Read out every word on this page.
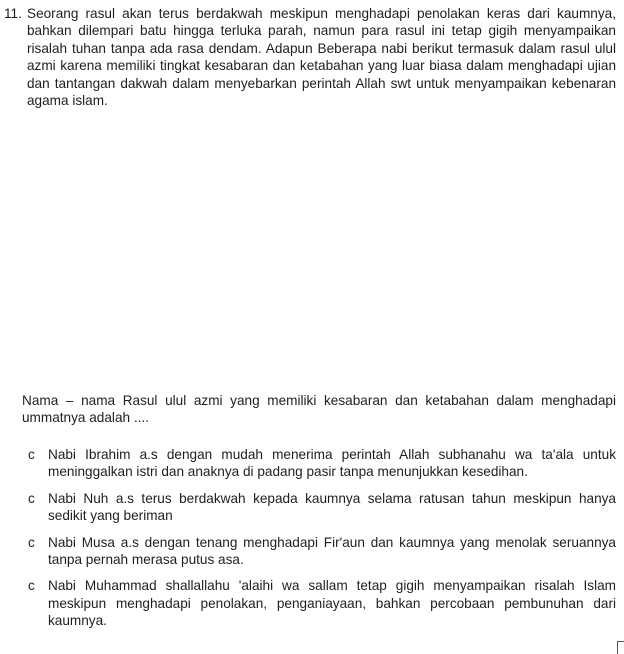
11. Seorang rasul akan terus berdakwah meskipun menghadapi penolakan keras dari kaumnya, bahkan dilempari batu hingga terluka parah, namun para rasul ini tetap gigih menyampaikan risalah tuhan tanpa ada rasa dendam. Adapun Beberapa nabi berikut termasuk dalam rasul ulul azmi karena memiliki tingkat kesabaran dan ketabahan yang luar biasa dalam menghadapi ujian dan tantangan dakwah dalam menyebarkan perintah Allah swt untuk menyampaikan kebenaran agama islam.
Nama – nama Rasul ulul azmi yang memiliki kesabaran dan ketabahan dalam menghadapi ummatnya adalah ....
c Nabi Ibrahim a.s dengan mudah menerima perintah Allah subhanahu wa ta'ala untuk meninggalkan istri dan anaknya di padang pasir tanpa menunjukkan kesedihan.
c Nabi Nuh a.s terus berdakwah kepada kaumnya selama ratusan tahun meskipun hanya sedikit yang beriman
c Nabi Musa a.s dengan tenang menghadapi Fir'aun dan kaumnya yang menolak seruannya tanpa pernah merasa putus asa.
c Nabi Muhammad shallallahu 'alaihi wa sallam tetap gigih menyampaikan risalah Islam meskipun menghadapi penolakan, penganiayaan, bahkan percobaan pembunuhan dari kaumnya.
